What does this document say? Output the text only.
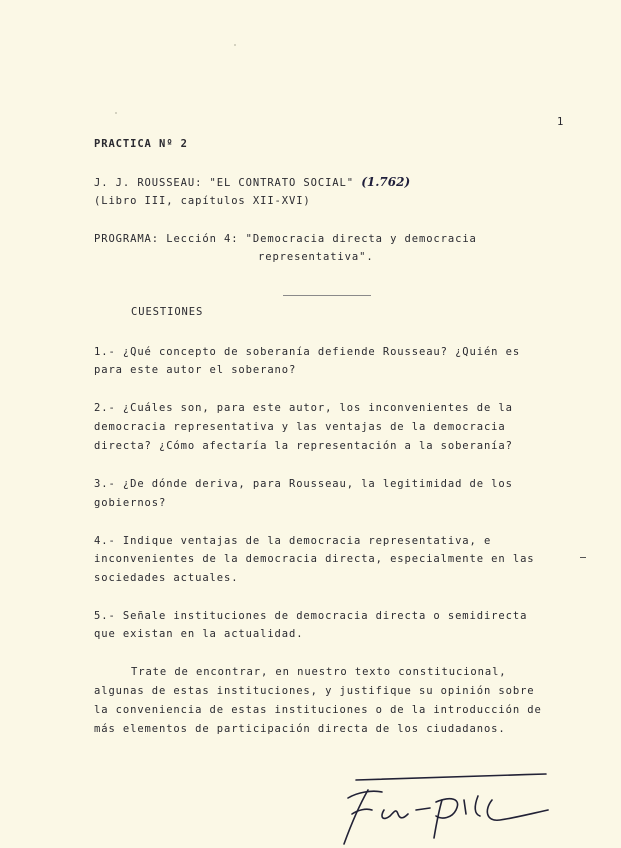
1
PRACTICA Nº 2
J. J. ROUSSEAU: "EL CONTRATO SOCIAL" (1.762)
(Libro III, capítulos XII-XVI)
PROGRAMA: Lección 4: "Democracia directa y democracia
representativa".
CUESTIONES
1.- ¿Qué concepto de soberanía defiende Rousseau? ¿Quién es
para este autor el soberano?
2.- ¿Cuáles son, para este autor, los inconvenientes de la
democracia representativa y las ventajas de la democracia
directa? ¿Cómo afectaría la representación a la soberanía?
3.- ¿De dónde deriva, para Rousseau, la legitimidad de los
gobiernos?
4.- Indique ventajas de la democracia representativa, e
inconvenientes de la democracia directa, especialmente en las
sociedades actuales.
5.- Señale instituciones de democracia directa o semidirecta
que existan en la actualidad.
Trate de encontrar, en nuestro texto constitucional,
algunas de estas instituciones, y justifique su opinión sobre
la conveniencia de estas instituciones o de la introducción de
más elementos de participación directa de los ciudadanos.
